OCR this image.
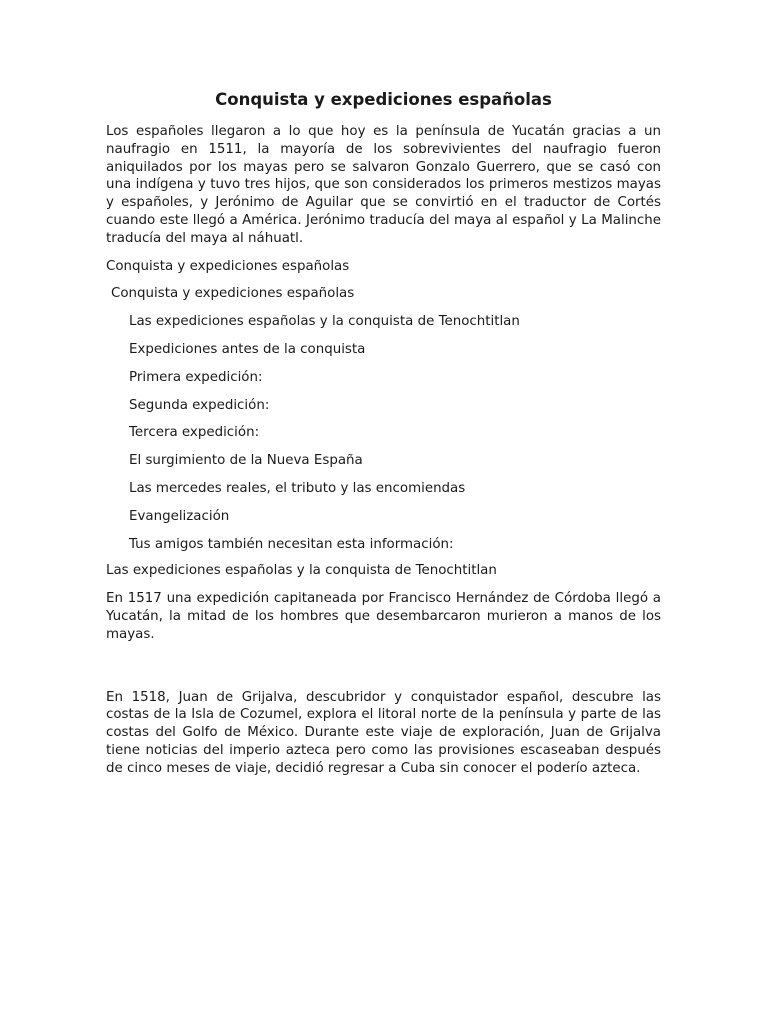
Conquista y expediciones españolas

Los españoles llegaron a lo que hoy es la península de Yucatán gracias a un naufragio en 1511, la mayoría de los sobrevivientes del naufragio fueron aniquilados por los mayas pero se salvaron Gonzalo Guerrero, que se casó con una indígena y tuvo tres hijos, que son considerados los primeros mestizos mayas y españoles, y Jerónimo de Aguilar que se convirtió en el traductor de Cortés cuando este llegó a América. Jerónimo traducía del maya al español y La Malinche traducía del maya al náhuatl.

Conquista y expediciones españolas

Conquista y expediciones españolas

Las expediciones españolas y la conquista de Tenochtitlan

Expediciones antes de la conquista

Primera expedición:

Segunda expedición:

Tercera expedición:

El surgimiento de la Nueva España

Las mercedes reales, el tributo y las encomiendas

Evangelización

Tus amigos también necesitan esta información:

Las expediciones españolas y la conquista de Tenochtitlan

En 1517 una expedición capitaneada por Francisco Hernández de Córdoba llegó a Yucatán, la mitad de los hombres que desembarcaron murieron a manos de los mayas.

En 1518, Juan de Grijalva, descubridor y conquistador español, descubre las costas de la Isla de Cozumel, explora el litoral norte de la península y parte de las costas del Golfo de México. Durante este viaje de exploración, Juan de Grijalva tiene noticias del imperio azteca pero como las provisiones escaseaban después de cinco meses de viaje, decidió regresar a Cuba sin conocer el poderío azteca.
